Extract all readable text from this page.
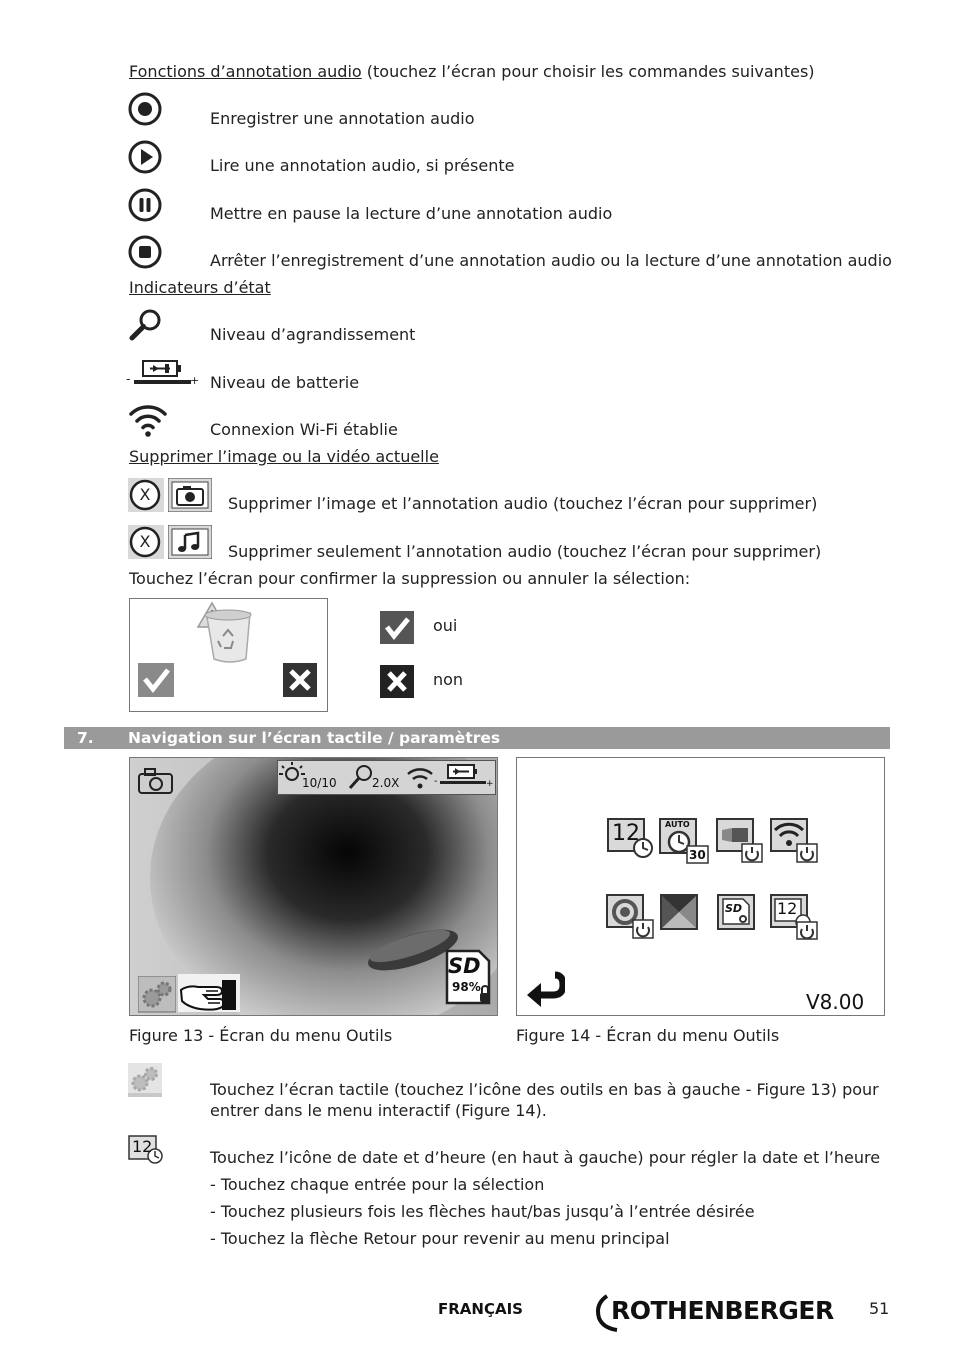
Fonctions d’annotation audio (touchez l’écran pour choisir les commandes suivantes)
Enregistrer une annotation audio
Lire une annotation audio, si présente
Mettre en pause la lecture d’une annotation audio
Arrêter l’enregistrement d’une annotation audio ou la lecture d’une annotation audio
Indicateurs d’état
Niveau d’agrandissement
-	+ Niveau de batterie
Connexion Wi-Fi établie
Supprimer l’image ou la vidéo actuelle
X	Supprimer l’image et l’annotation audio (touchez l’écran pour supprimer)
X
Supprimer seulement l’annotation audio (touchez l’écran pour supprimer)
Touchez l’écran pour confirmer la suppression ou annuler la sélection:
oui
non
7. Navigation sur l’écran tactile / paramètres
10/10	2.0X	-	+
SD
98%
Figure 13 - Écran du menu Outils
12	AUTO
30
SD 12
V8.00
Figure 14 - Écran du menu Outils
Touchez l’écran tactile (touchez l’icône des outils en bas à gauche - Figure 13) pour
entrer dans le menu interactif (Figure 14).
12
Touchez l’icône de date et d’heure (en haut à gauche) pour régler la date et l’heure
- Touchez chaque entrée pour la sélection
- Touchez plusieurs fois les flèches haut/bas jusqu’à l’entrée désirée
- Touchez la flèche Retour pour revenir au menu principal
FRANÇAIS	ROTHENBERGER 51
